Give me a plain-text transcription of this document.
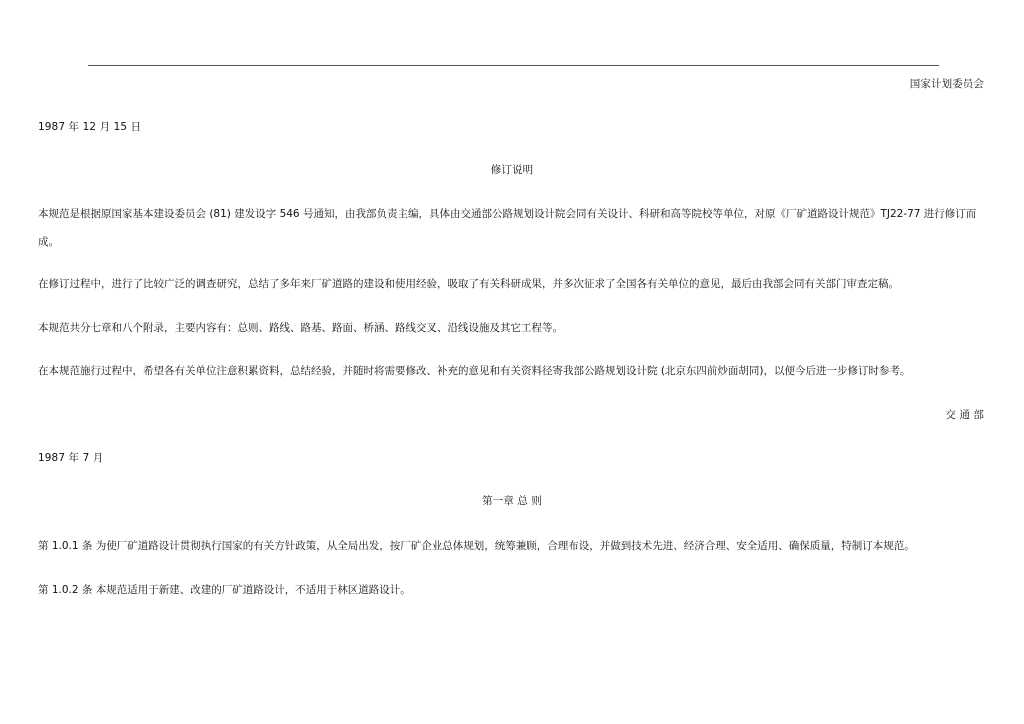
国家计划委员会
1987 年 12 月 15 日
修订说明
本规范是根据原国家基本建设委员会 (81) 建发设字 546 号通知，由我部负责主编，具体由交通部公路规划设计院会同有关设计、科研和高等院校等单位，对原《厂矿道路设计规范》TJ22-77 进行修订而成。
在修订过程中，进行了比较广泛的调查研究，总结了多年来厂矿道路的建设和使用经验，吸取了有关科研成果，并多次征求了全国各有关单位的意见，最后由我部会同有关部门审查定稿。
本规范共分七章和八个附录，主要内容有：总则、路线、路基、路面、桥涵、路线交叉、沿线设施及其它工程等。
在本规范施行过程中，希望各有关单位注意积累资料，总结经验，并随时将需要修改、补充的意见和有关资料径寄我部公路规划设计院 (北京东四前炒面胡同)，以便今后进一步修订时参考。
交 通 部
1987 年 7 月
第一章 总 则
第 1.0.1 条 为使厂矿道路设计贯彻执行国家的有关方针政策，从全局出发，按厂矿企业总体规划，统筹兼顾，合理布设，并做到技术先进、经济合理、安全适用、确保质量，特制订本规范。
第 1.0.2 条 本规范适用于新建、改建的厂矿道路设计，不适用于林区道路设计。
